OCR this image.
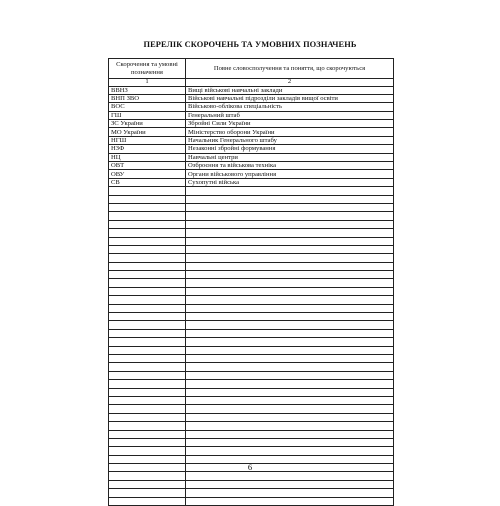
ПЕРЕЛІК СКОРОЧЕНЬ ТА УМОВНИХ ПОЗНАЧЕНЬ
Скорочення та умовні позначення	Повне словосполучення та поняття, що скорочуються
1	2
ВВНЗ	Вищі військові навчальні заклади
ВНП ЗВО	Військові навчальні підрозділи закладів вищої освіти
ВОС	Військово-облікова спеціальність
ГШ	Генеральний штаб
ЗС України	Збройні Сили України
МО України	Міністерство оборони України
НГШ	Начальник Генерального штабу
НЗФ	Незаконні збройні формування
НЦ	Навчальні центри
ОВТ	Озброєння та військова техніка
ОВУ	Органи військового управління
СВ	Сухопутні війська

6
